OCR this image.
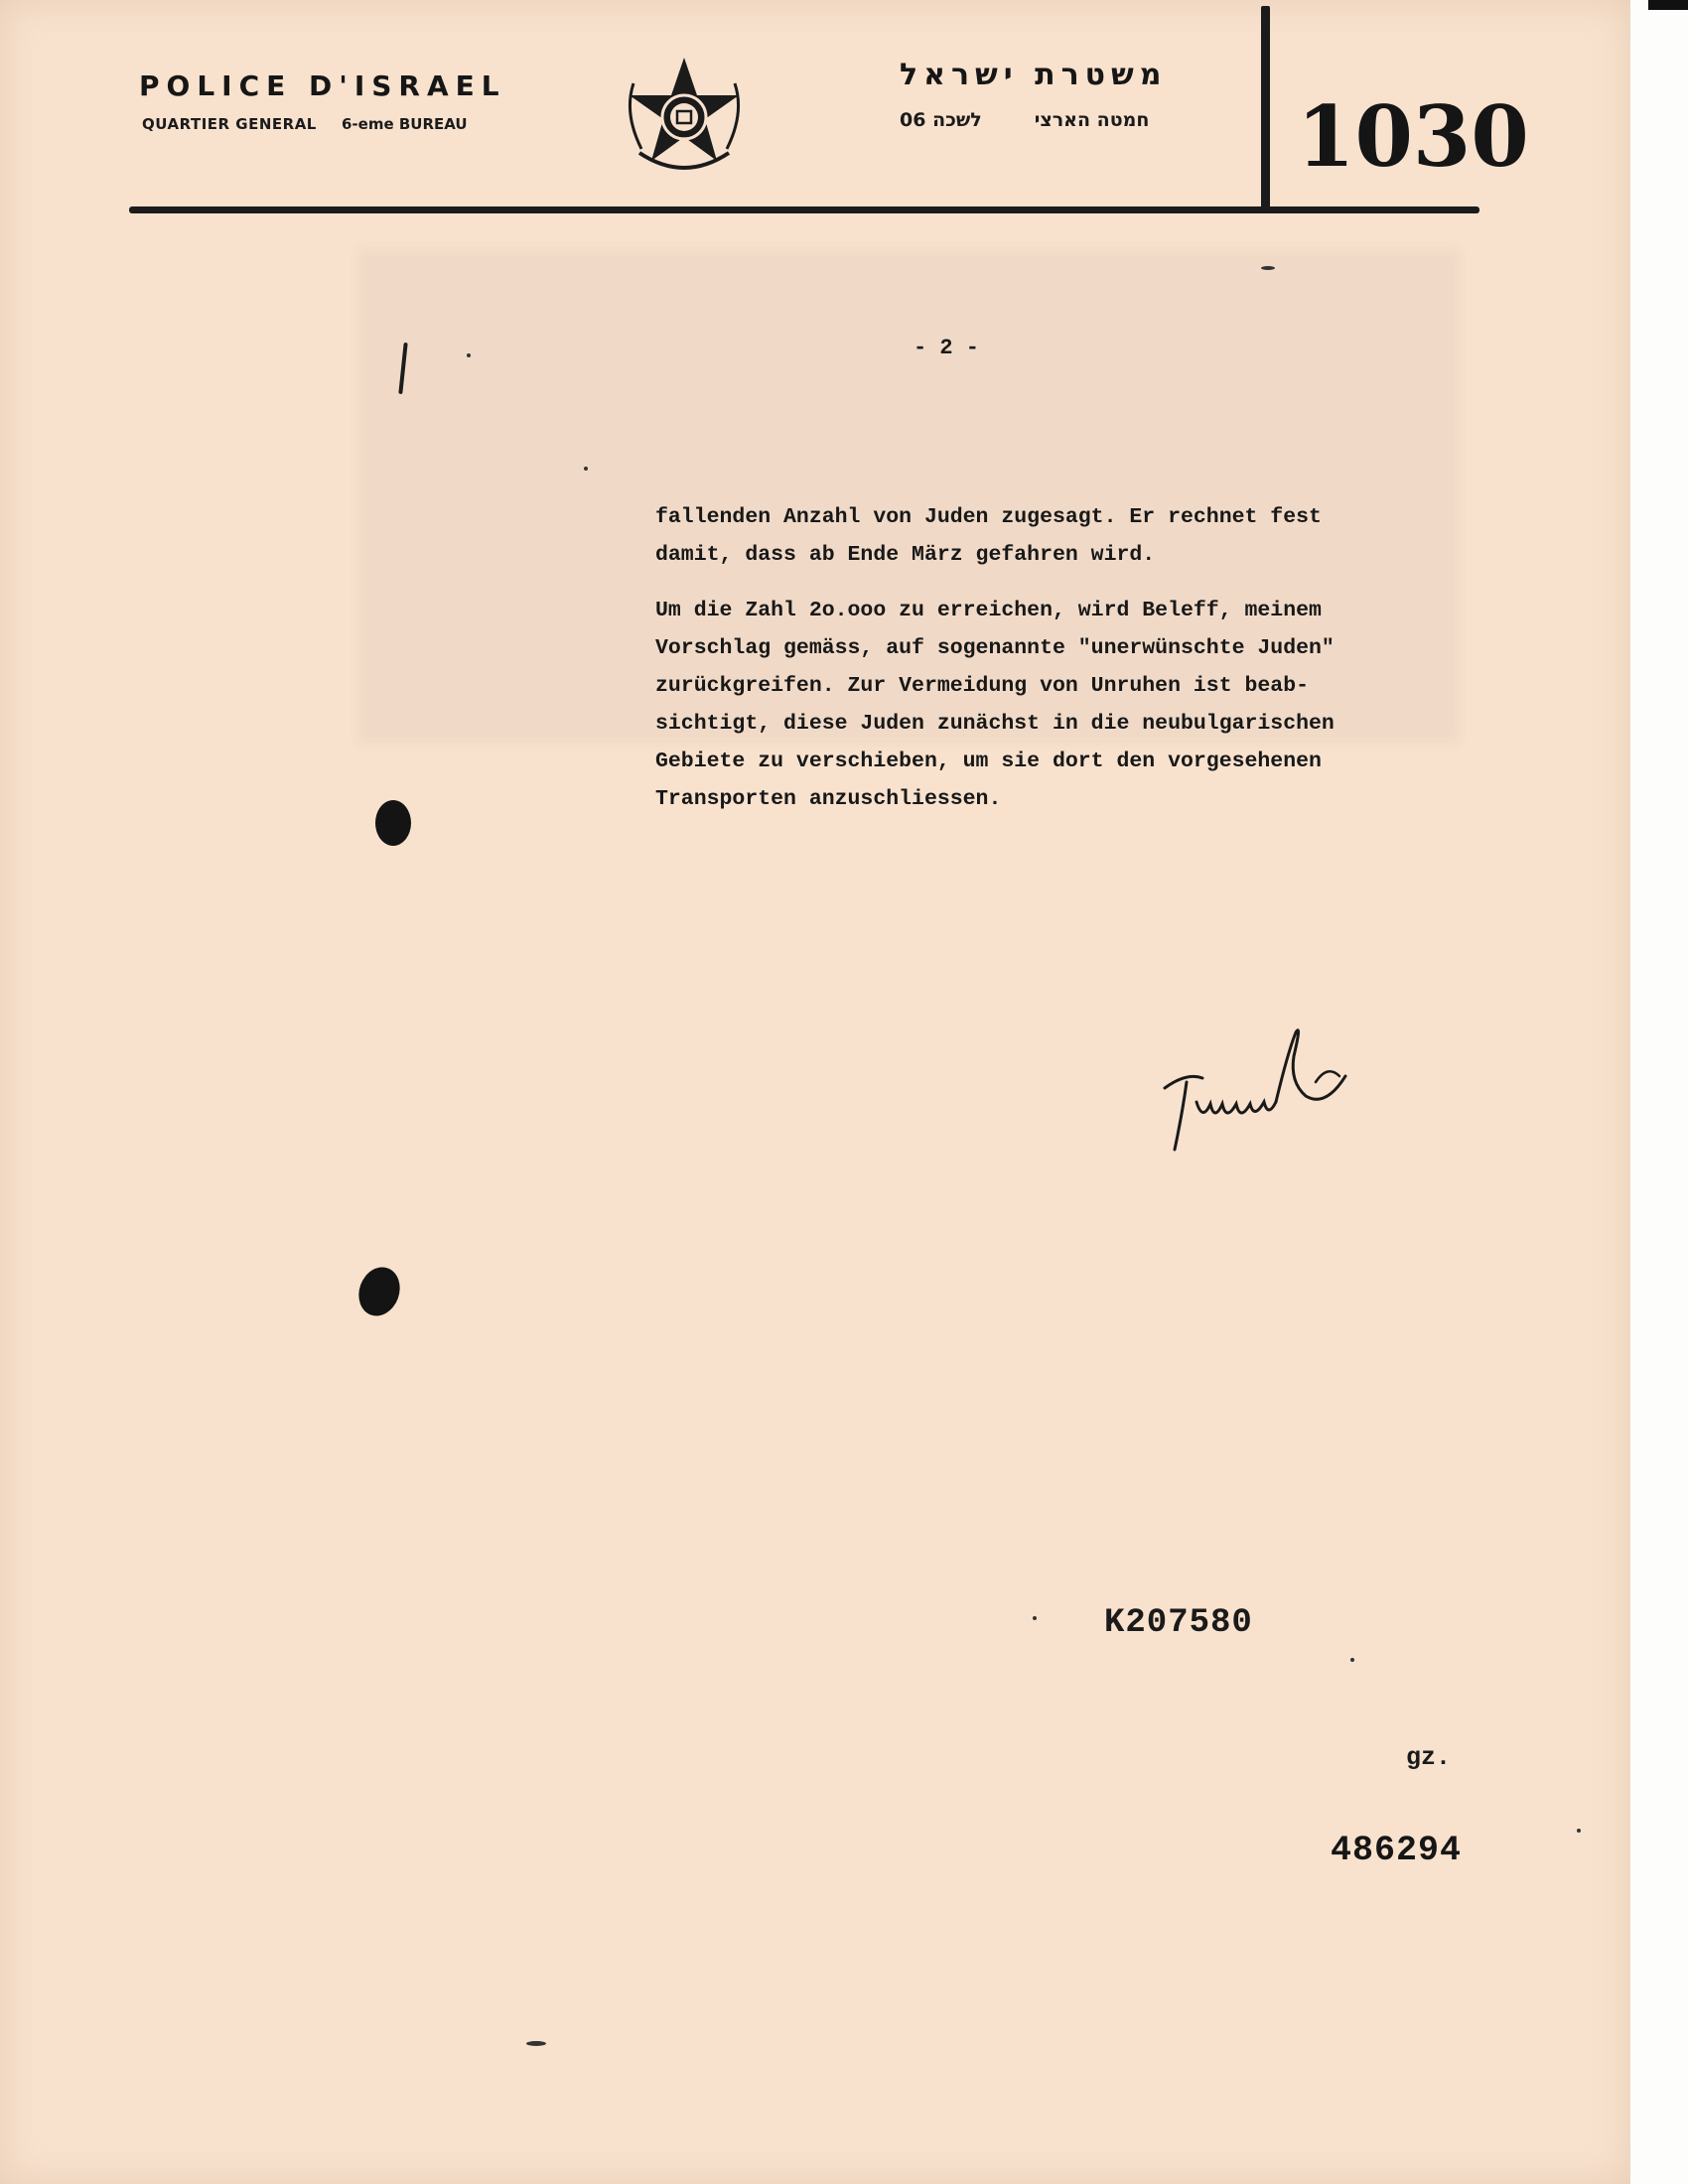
POLICE D'ISRAEL
QUARTIER GENERAL 6-eme BUREAU
משטרת ישראל
06 לשכה	חמטה הארצי	1030
- 2 -
fallenden Anzahl von Juden zugesagt. Er rechnet fest
damit, dass ab Ende März gefahren wird.
Um die Zahl 2o.ooo zu erreichen, wird Beleff, meinem
Vorschlag gemäss, auf sogenannte "unerwünschte Juden"
zurückgreifen. Zur Vermeidung von Unruhen ist beab-
sichtigt, diese Juden zunächst in die neubulgarischen
Gebiete zu verschieben, um sie dort den vorgesehenen
Transporten anzuschliessen.
K207580
gz.
486294
